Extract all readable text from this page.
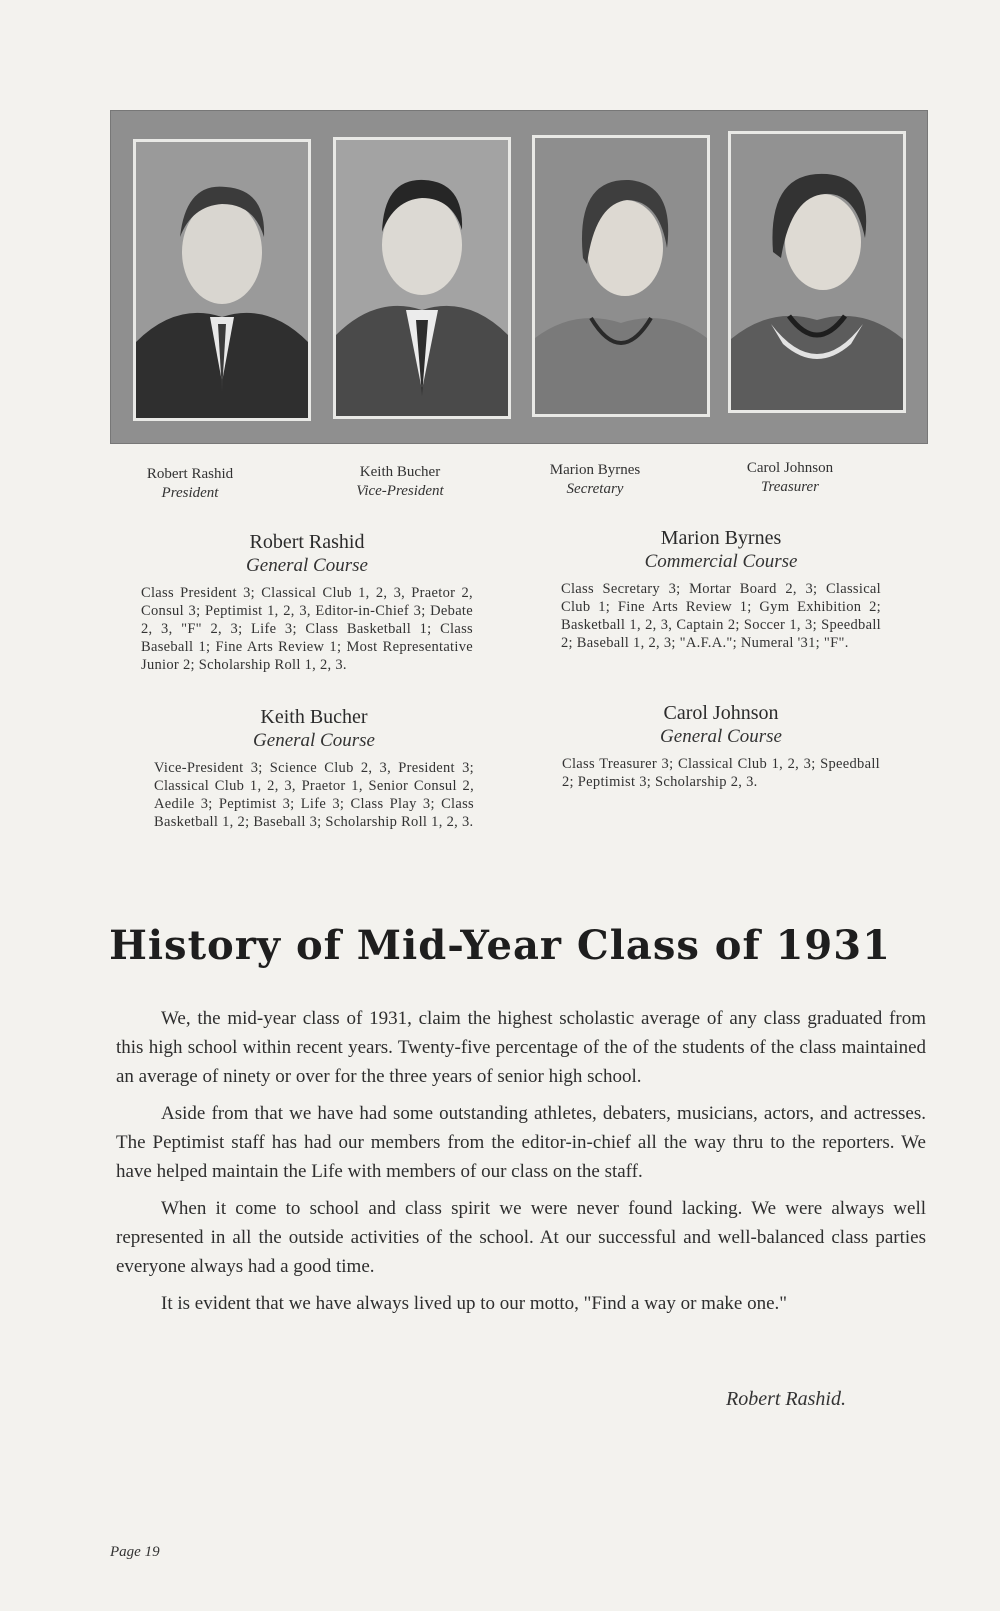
Robert Rashid
President
Keith Bucher
Vice-President
Marion Byrnes
Secretary
Carol Johnson
Treasurer
Robert Rashid
General Course
Class President 3; Classical Club 1, 2, 3, Praetor 2, Consul 3; Peptimist 1, 2, 3, Editor-in-Chief 3; Debate 2, 3, "F" 2, 3; Life 3; Class Basketball 1; Class Baseball 1; Fine Arts Review 1; Most Representative Junior 2; Scholarship Roll 1, 2, 3.
Keith Bucher
General Course
Vice-President 3; Science Club 2, 3, President 3; Classical Club 1, 2, 3, Praetor 1, Senior Consul 2, Aedile 3; Peptimist 3; Life 3; Class Play 3; Class Basketball 1, 2; Baseball 3; Scholarship Roll 1, 2, 3.
Marion Byrnes
Commercial Course
Class Secretary 3; Mortar Board 2, 3; Classical Club 1; Fine Arts Review 1; Gym Exhibition 2; Basketball 1, 2, 3, Captain 2; Soccer 1, 3; Speedball 2; Baseball 1, 2, 3; "A.F.A."; Numeral '31; "F".
Carol Johnson
General Course
Class Treasurer 3; Classical Club 1, 2, 3; Speedball 2; Peptimist 3; Scholarship 2, 3.
History of Mid-Year Class of 1931

We, the mid-year class of 1931, claim the highest scholastic average of any class graduated from this high school within recent years. Twenty-five percentage of the of the students of the class maintained an average of ninety or over for the three years of senior high school.

Aside from that we have had some outstanding athletes, debaters, musicians, actors, and actresses. The Peptimist staff has had our members from the editor-in-chief all the way thru to the reporters. We have helped maintain the Life with members of our class on the staff.

When it come to school and class spirit we were never found lacking. We were always well represented in all the outside activities of the school. At our successful and well-balanced class parties everyone always had a good time.

It is evident that we have always lived up to our motto, "Find a way or make one."

Robert Rashid.
Page 19
